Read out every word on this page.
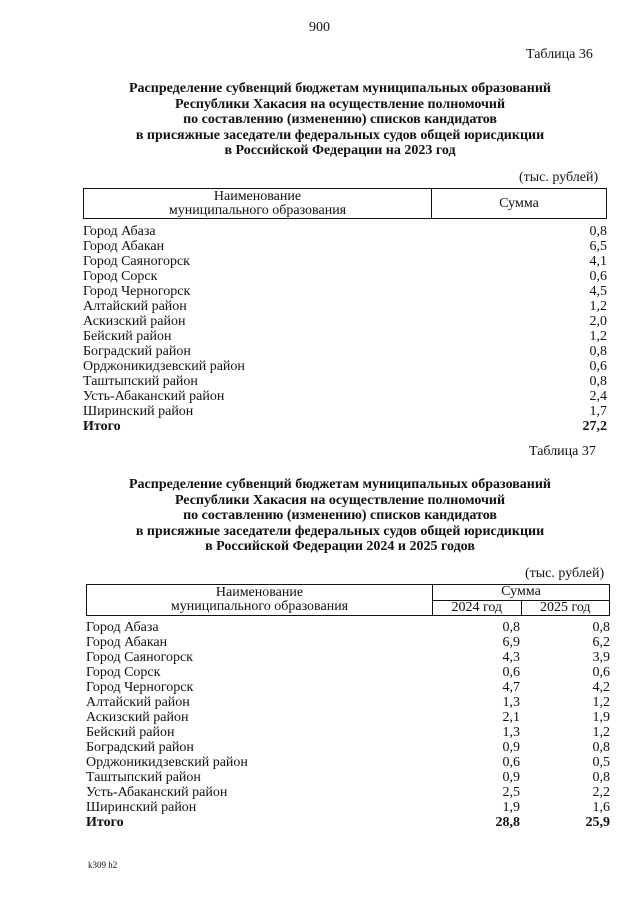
900
Таблица 36
Распределение субвенций бюджетам муниципальных образований
Республики Хакасия на осуществление полномочий
по составлению (изменению) списков кандидатов
в присяжные заседатели федеральных судов общей юрисдикции
в Российской Федерации на 2023 год
(тыс. рублей)
Наименование
муниципального образования	Сумма
Город Абаза	0,8
Город Абакан	6,5
Город Саяногорск	4,1
Город Сорск	0,6
Город Черногорск	4,5
Алтайский район	1,2
Аскизский район	2,0
Бейский район	1,2
Боградский район	0,8
Орджоникидзевский район	0,6
Таштыпский район	0,8
Усть-Абаканский район	2,4
Ширинский район	1,7
Итого	27,2
Таблица 37
Распределение субвенций бюджетам муниципальных образований
Республики Хакасия на осуществление полномочий
по составлению (изменению) списков кандидатов
в присяжные заседатели федеральных судов общей юрисдикции
в Российской Федерации 2024 и 2025 годов
(тыс. рублей)
Наименование
муниципального образования	Сумма	
	2024 год	2025 год
Город Абаза	0,8	0,8
Город Абакан	6,9	6,2
Город Саяногорск	4,3	3,9
Город Сорск	0,6	0,6
Город Черногорск	4,7	4,2
Алтайский район	1,3	1,2
Аскизский район	2,1	1,9
Бейский район	1,3	1,2
Боградский район	0,9	0,8
Орджоникидзевский район	0,6	0,5
Таштыпский район	0,9	0,8
Усть-Абаканский район	2,5	2,2
Ширинский район	1,9	1,6
Итого	28,8	25,9
k309 h2
